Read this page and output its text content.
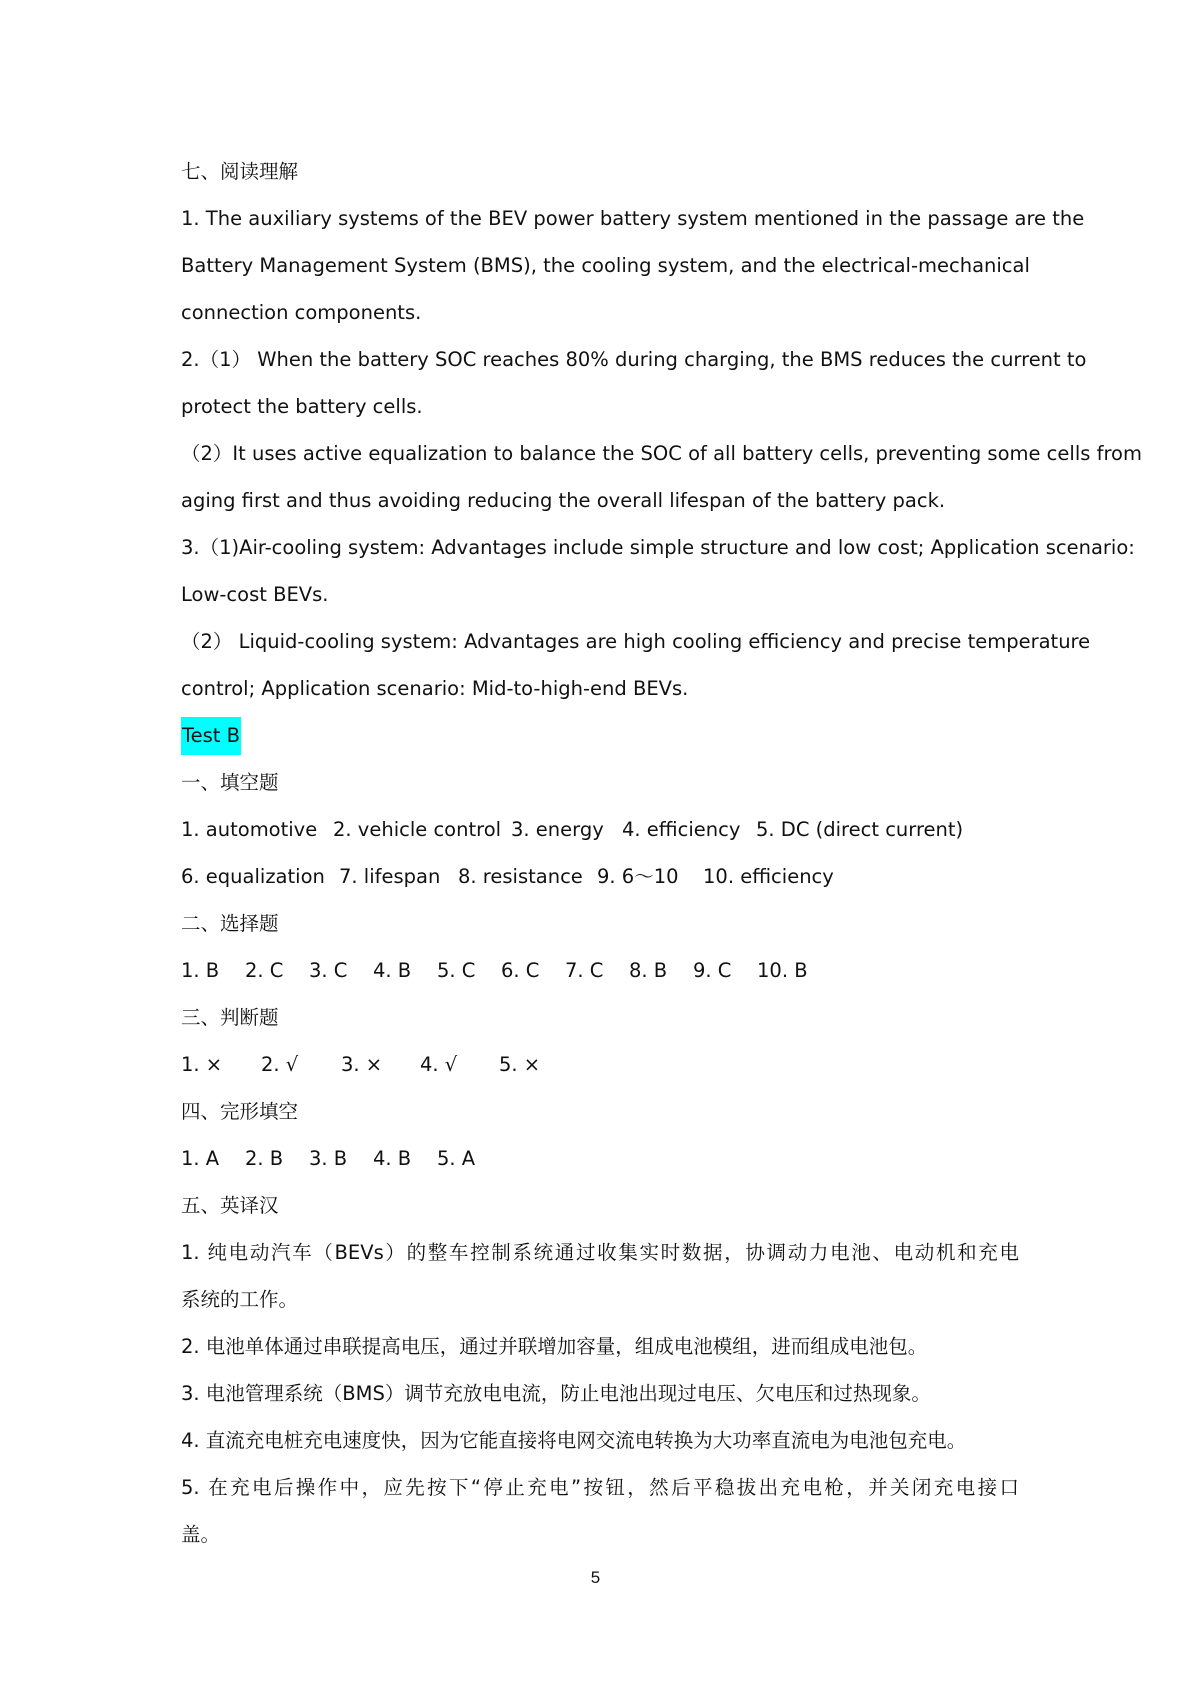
七、阅读理解
1. The auxiliary systems of the BEV power battery system mentioned in the passage are the
Battery Management System (BMS), the cooling system, and the electrical-mechanical
connection components.
2.（1） When the battery SOC reaches 80% during charging, the BMS reduces the current to
protect the battery cells.
（2）It uses active equalization to balance the SOC of all battery cells, preventing some cells from
aging first and thus avoiding reducing the overall lifespan of the battery pack.
3.（1)Air-cooling system: Advantages include simple structure and low cost; Application scenario:
Low-cost BEVs.
（2） Liquid-cooling system: Advantages are high cooling efficiency and precise temperature
control; Application scenario: Mid-to-high-end BEVs.
Test B
一、填空题
1. automotive 2. vehicle control 3. energy 4. efficiency 5. DC (direct current)
6. equalization 7. lifespan 8. resistance 9. 6～10 10. efficiency
二、选择题
1. B 2. C 3. C 4. B 5. C 6. C 7. C 8. B 9. C 10. B
三、判断题
1. × 2. √ 3. × 4. √ 5. ×
四、完形填空
1. A 2. B 3. B 4. B 5. A
五、英译汉
1. 纯电动汽车（BEVs）的整车控制系统通过收集实时数据，协调动力电池、电动机和充电
系统的工作。
2. 电池单体通过串联提高电压，通过并联增加容量，组成电池模组，进而组成电池包。
3. 电池管理系统（BMS）调节充放电电流，防止电池出现过电压、欠电压和过热现象。
4. 直流充电桩充电速度快，因为它能直接将电网交流电转换为大功率直流电为电池包充电。
5. 在充电后操作中，应先按下“停止充电”按钮，然后平稳拔出充电枪，并关闭充电接口
盖。
5
